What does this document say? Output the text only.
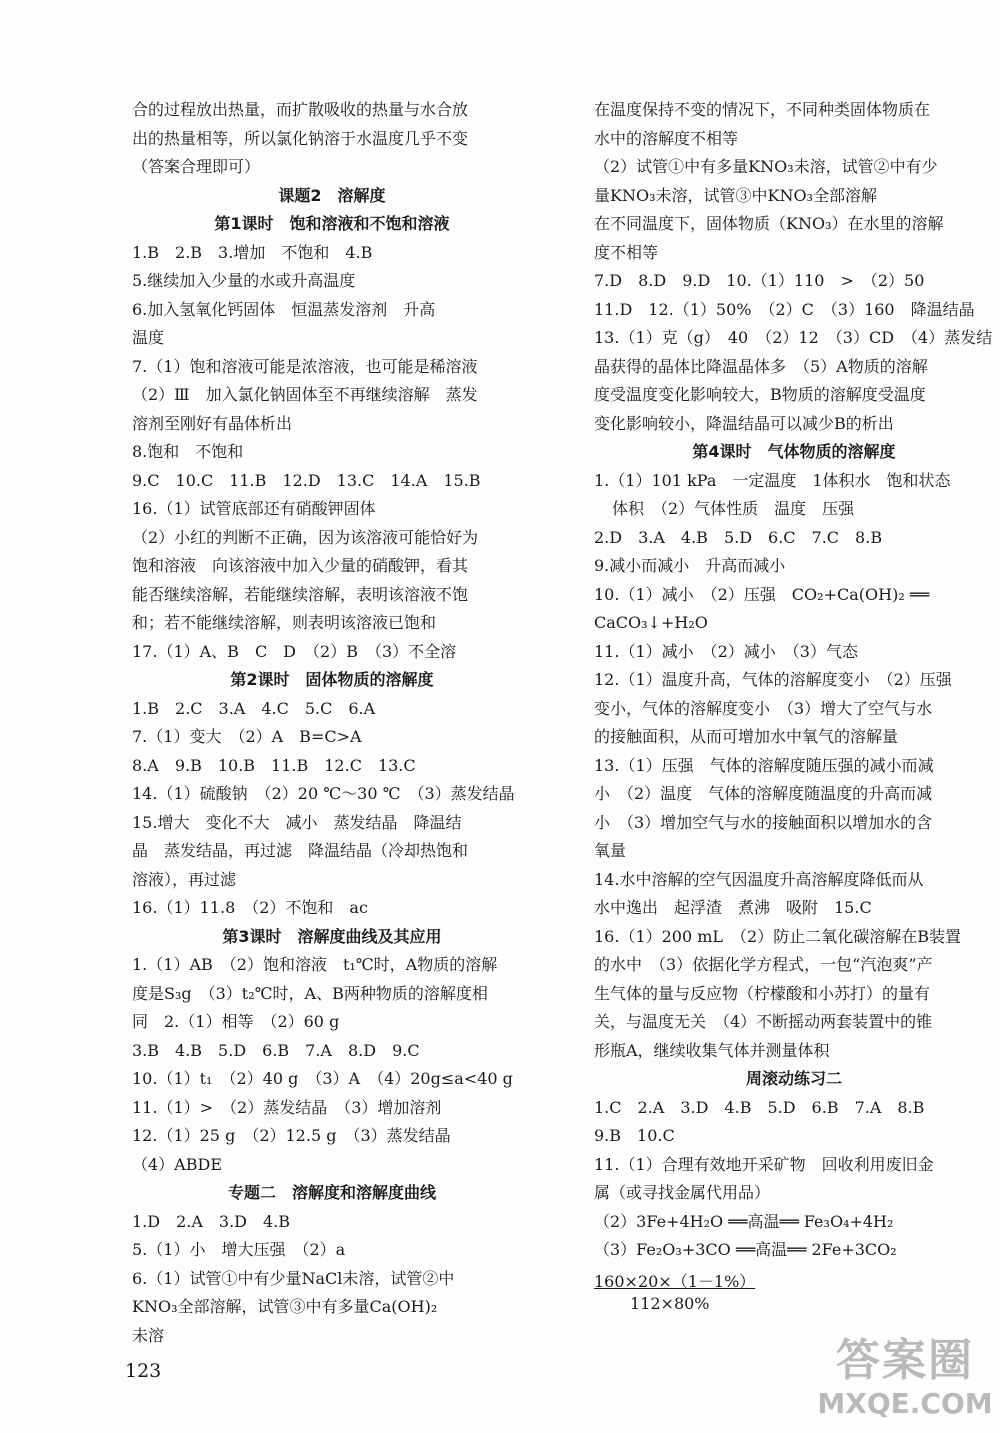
合的过程放出热量，而扩散吸收的热量与水合放

出的热量相等，所以氯化钠溶于水温度几乎不变

（答案合理即可）

课题2　溶解度

第1课时　饱和溶液和不饱和溶液

1.B　2.B　3.增加　不饱和　4.B

5.继续加入少量的水或升高温度

6.加入氢氧化钙固体　恒温蒸发溶剂　升高

温度

7.（1）饱和溶液可能是浓溶液，也可能是稀溶液

（2）Ⅲ　加入氯化钠固体至不再继续溶解　蒸发

溶剂至刚好有晶体析出

8.饱和　不饱和

9.C　10.C　11.B　12.D　13.C　14.A　15.B

16.（1）试管底部还有硝酸钾固体

（2）小红的判断不正确，因为该溶液可能恰好为

饱和溶液　向该溶液中加入少量的硝酸钾，看其

能否继续溶解，若能继续溶解，表明该溶液不饱

和；若不能继续溶解，则表明该溶液已饱和

17.（1）A、B　C　D　（2）B　（3）不全溶

第2课时　固体物质的溶解度

1.B　2.C　3.A　4.C　5.C　6.A

7.（1）变大　（2）A　B=C>A

8.A　9.B　10.B　11.B　12.C　13.C

14.（1）硫酸钠　（2）20 ℃～30 ℃　（3）蒸发结晶

15.增大　变化不大　减小　蒸发结晶　降温结

晶　蒸发结晶，再过滤　降温结晶（冷却热饱和

溶液），再过滤

16.（1）11.8　（2）不饱和　ac

第3课时　溶解度曲线及其应用

1.（1）AB　（2）饱和溶液　t₁℃时，A物质的溶解

度是S₃g　（3）t₂℃时，A、B两种物质的溶解度相

同　2.（1）相等　（2）60 g

3.B　4.B　5.D　6.B　7.A　8.D　9.C

10.（1）t₁　（2）40 g　（3）A　（4）20g≤a<40 g

11.（1）>　（2）蒸发结晶　（3）增加溶剂

12.（1）25 g　（2）12.5 g　（3）蒸发结晶

（4）ABDE

专题二　溶解度和溶解度曲线

1.D　2.A　3.D　4.B

5.（1）小　增大压强　（2）a

6.（1）试管①中有少量NaCl未溶，试管②中

KNO₃全部溶解，试管③中有多量Ca(OH)₂

未溶

在温度保持不变的情况下，不同种类固体物质在

水中的溶解度不相等

（2）试管①中有多量KNO₃未溶，试管②中有少

量KNO₃未溶，试管③中KNO₃全部溶解

在不同温度下，固体物质（KNO₃）在水里的溶解

度不相等

7.D　8.D　9.D　10.（1）110　>　（2）50

11.D　12.（1）50%　（2）C　（3）160　降温结晶

13.（1）克（g）　40　（2）12　（3）CD　（4）蒸发结

晶获得的晶体比降温晶体多　（5）A物质的溶解

度受温度变化影响较大，B物质的溶解度受温度

变化影响较小，降温结晶可以减少B的析出

第4课时　气体物质的溶解度

1.（1）101 kPa　一定温度　1体积水　饱和状态

体积　（2）气体性质　温度　压强

2.D　3.A　4.B　5.D　6.C　7.C　8.B

9.减小而减小　升高而减小

10.（1）减小　（2）压强　CO₂+Ca(OH)₂ ══

CaCO₃↓+H₂O

11.（1）减小　（2）减小　（3）气态

12.（1）温度升高，气体的溶解度变小　（2）压强

变小，气体的溶解度变小　（3）增大了空气与水

的接触面积，从而可增加水中氧气的溶解量

13.（1）压强　气体的溶解度随压强的减小而减

小　（2）温度　气体的溶解度随温度的升高而减

小　（3）增加空气与水的接触面积以增加水的含

氧量

14.水中溶解的空气因温度升高溶解度降低而从

水中逸出　起浮渣　煮沸　吸附　15.C

16.（1）200 mL　（2）防止二氧化碳溶解在B装置

的水中　（3）依据化学方程式，一包“汽泡爽”产

生气体的量与反应物（柠檬酸和小苏打）的量有

关，与温度无关　（4）不断摇动两套装置中的锥

形瓶A，继续收集气体并测量体积

周滚动练习二

1.C　2.A　3.D　4.B　5.D　6.B　7.A　8.B

9.B　10.C

11.（1）合理有效地开采矿物　回收利用废旧金

属（或寻找金属代用品）

（2）3Fe+4H₂O ══高温══ Fe₃O₄+4H₂

（3）Fe₂O₃+3CO ══高温══ 2Fe+3CO₂

160×20×（1－1%）

112×80%

123	答案圈
MXQE.COM
